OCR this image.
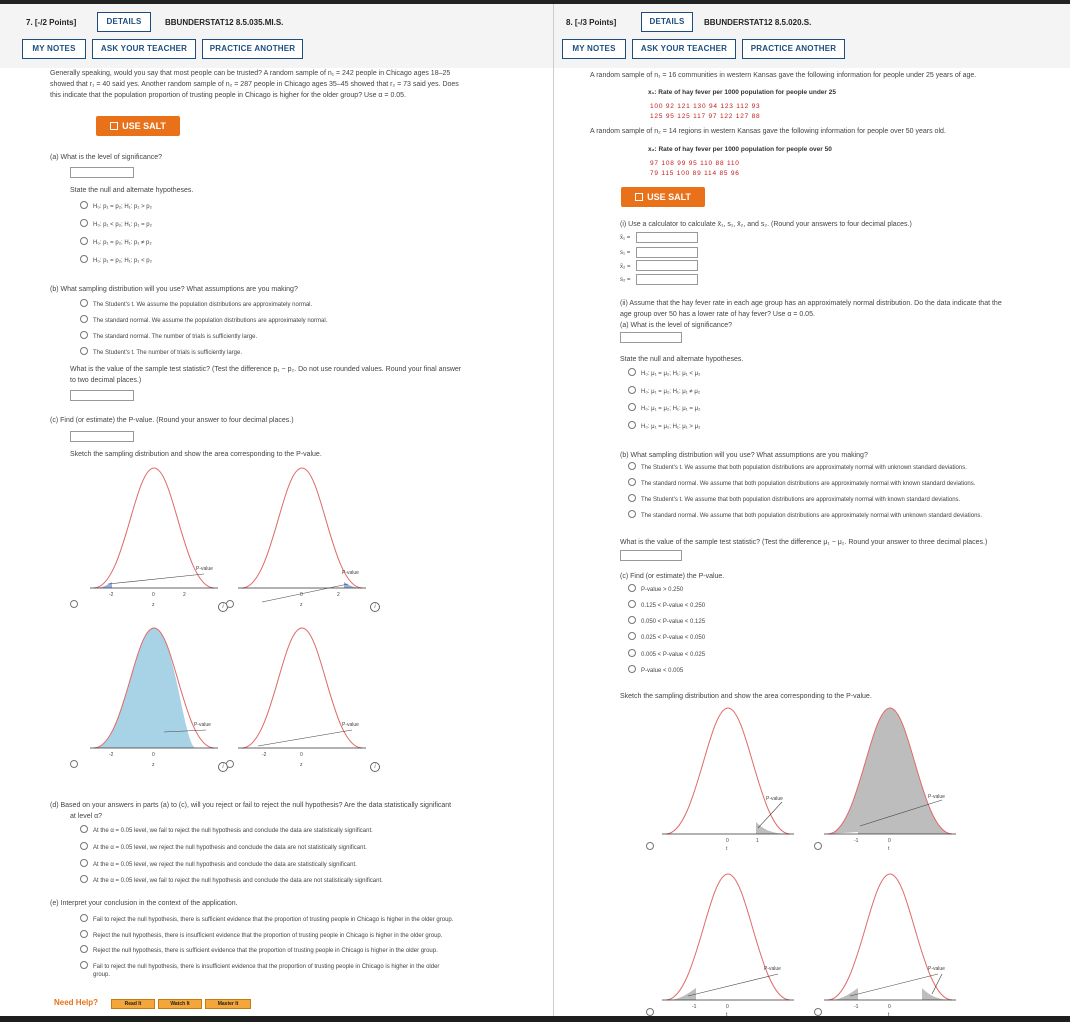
7. [-/2 Points]	DETAILS	BBUNDERSTAT12 8.5.035.MI.S.
MY NOTES	ASK YOUR TEACHER	PRACTICE ANOTHER
Generally speaking, would you say that most people can be trusted? A random sample of n₁ = 242 people in Chicago ages 18–25
showed that r₁ = 40 said yes. Another random sample of n₂ = 287 people in Chicago ages 35–45 showed that r₂ = 73 said yes. Does
this indicate that the population proportion of trusting people in Chicago is higher for the older group? Use α = 0.05.
USE SALT
(a) What is the level of significance?
State the null and alternate hypotheses.
H₀: p₁ = p₂; H₁: p₁ > p₂
H₀: p₁ < p₂; H₁: p₁ = p₂
H₀: p₁ = p₂; H₁: p₁ ≠ p₂
H₀: p₁ = p₂; H₁: p₁ < p₂
(b) What sampling distribution will you use? What assumptions are you making?
The Student's t. We assume the population distributions are approximately normal.
The standard normal. We assume the population distributions are approximately normal.
The standard normal. The number of trials is sufficiently large.
The Student's t. The number of trials is sufficiently large.
What is the value of the sample test statistic? (Test the difference p₁ − p₂. Do not use rounded values. Round your final answer
to two decimal places.)
(c) Find (or estimate) the P-value. (Round your answer to four decimal places.)
Sketch the sampling distribution and show the area corresponding to the P-value.
P-value
-2	0	2
z	i
P-value
0	2
z	i
P-value
-2	0
z	i
P-value
-2	0
z	i
(d) Based on your answers in parts (a) to (c), will you reject or fail to reject the null hypothesis? Are the data statistically significant
at level α?
At the α = 0.05 level, we fail to reject the null hypothesis and conclude the data are statistically significant.
At the α = 0.05 level, we reject the null hypothesis and conclude the data are not statistically significant.
At the α = 0.05 level, we reject the null hypothesis and conclude the data are statistically significant.
At the α = 0.05 level, we fail to reject the null hypothesis and conclude the data are not statistically significant.
(e) Interpret your conclusion in the context of the application.
Fail to reject the null hypothesis, there is sufficient evidence that the proportion of trusting people in Chicago is higher in the older group.
Reject the null hypothesis, there is insufficient evidence that the proportion of trusting people in Chicago is higher in the older group.
Reject the null hypothesis, there is sufficient evidence that the proportion of trusting people in Chicago is higher in the older group.
Fail to reject the null hypothesis, there is insufficient evidence that the proportion of trusting people in Chicago is higher in the older
group.
Need Help?	Read It	Watch It	Master It
8. [-/3 Points]	DETAILS	BBUNDERSTAT12 8.5.020.S.
MY NOTES	ASK YOUR TEACHER	PRACTICE ANOTHER
A random sample of n₁ = 16 communities in western Kansas gave the following information for people under 25 years of age.
x₁: Rate of hay fever per 1000 population for people under 25
100 92 121 130 94 123 112 93
125 95 125 117 97 122 127 88
A random sample of n₂ = 14 regions in western Kansas gave the following information for people over 50 years old.
x₂: Rate of hay fever per 1000 population for people over 50
97 108 99 95 110 88 110
79 115 100 89 114 85 96
USE SALT
(i) Use a calculator to calculate x̄₁, s₁, x̄₂, and s₂. (Round your answers to four decimal places.)
x̄₁ =
s₁ =
x̄₂ =
s₂ =
(ii) Assume that the hay fever rate in each age group has an approximately normal distribution. Do the data indicate that the
age group over 50 has a lower rate of hay fever? Use α = 0.05.
(a) What is the level of significance?
State the null and alternate hypotheses.
H₀: μ₁ = μ₂; H₁: μ₁ < μ₂
H₀: μ₁ = μ₂; H₁: μ₁ ≠ μ₂
H₀: μ₁ = μ₂; H₁: μ₁ = μ₂
H₀: μ₁ = μ₂; H₁: μ₁ > μ₂
(b) What sampling distribution will you use? What assumptions are you making?
The Student's t. We assume that both population distributions are approximately normal with unknown standard deviations.
The standard normal. We assume that both population distributions are approximately normal with known standard deviations.
The Student's t. We assume that both population distributions are approximately normal with known standard deviations.
The standard normal. We assume that both population distributions are approximately normal with unknown standard deviations.
What is the value of the sample test statistic? (Test the difference μ₁ − μ₂. Round your answer to three decimal places.)
(c) Find (or estimate) the P-value.
P-value > 0.250
0.125 < P-value < 0.250
0.050 < P-value < 0.125
0.025 < P-value < 0.050
0.005 < P-value < 0.025
P-value < 0.005
Sketch the sampling distribution and show the area corresponding to the P-value.
P-value
0	1
t
P-value
-1	0
t
P-value
-1	0
t
P-value
-1	0
t
